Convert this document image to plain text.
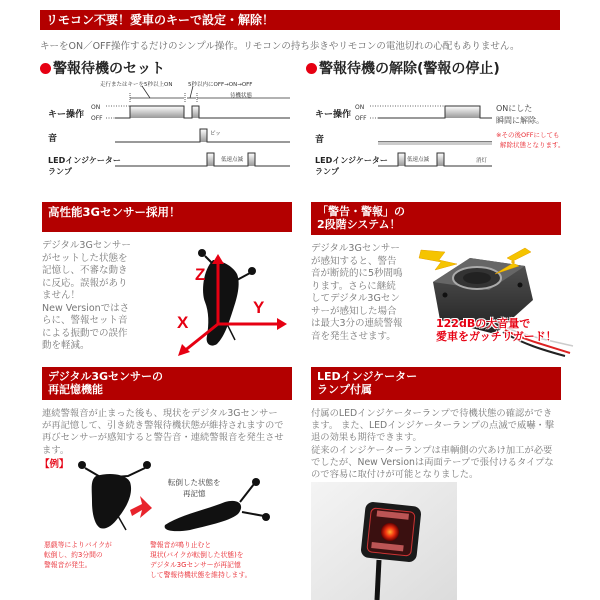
リモコン不要！愛車のキーで設定・解除！
キーをON／OFF操作するだけのシンプル操作。リモコンの持ち歩きやリモコンの電池切れの心配もありません。
警報待機のセット
走行またはキーを5秒以上ON	5秒以内にOFF→ON→OFF
待機状態
キー操作
ON
OFF
音	ピッ
LEDインジケーター
ランプ
低速点滅
警報待機の解除(警報の停止)
キー操作
ON
OFF
音
LEDインジケーター
ランプ
低速点滅	消灯
ONにした
瞬間に解除。
※その後OFFにしても
解除状態となります。
高性能3Gセンサー採用！
デジタル3Gセンサー
がセットした状態を
記憶し、不審な動き
に反応。誤報があり
ません！
New Versionではさ
らに、警報セット音
による振動での誤作
動を軽減。
Z
Y
X
「警告・警報」の
2段階システム！
デジタル3Gセンサー
が感知すると、警告
音が断続的に5秒間鳴
ります。さらに継続
してデジタル3Gセン
サーが感知した場合
は最大3分の連続警報
音を発生させます。
122dBの大音量で
愛車をガッチリガード！
デジタル3Gセンサーの
再記憶機能
連続警報音が止まった後も、現状をデジタル3Gセンサー
が再記憶して、引き続き警報待機状態が維持されますので
再びセンサーが感知すると警告音・連続警報音を発生させ
ます。
【例】
転倒した状態を
再記憶
悪戯等によりバイクが
転倒し、約3分間の
警報音が発生。
警報音が鳴り止むと
現状(バイクが転倒した状態)を
デジタル3Gセンサーが再記憶
して警報待機状態を維持します。
LEDインジケーター
ランプ付属
付属のLEDインジケーターランプで待機状態の確認ができ
ます。 また、LEDインジケーターランプの点滅で威嚇・撃
退の効果も期待できます。
従来のインジケーターランプは車輌側の穴あけ加工が必要
でしたが、New Versionは両面テープで張付けるタイプな
ので容易に取付けが可能となりました。
